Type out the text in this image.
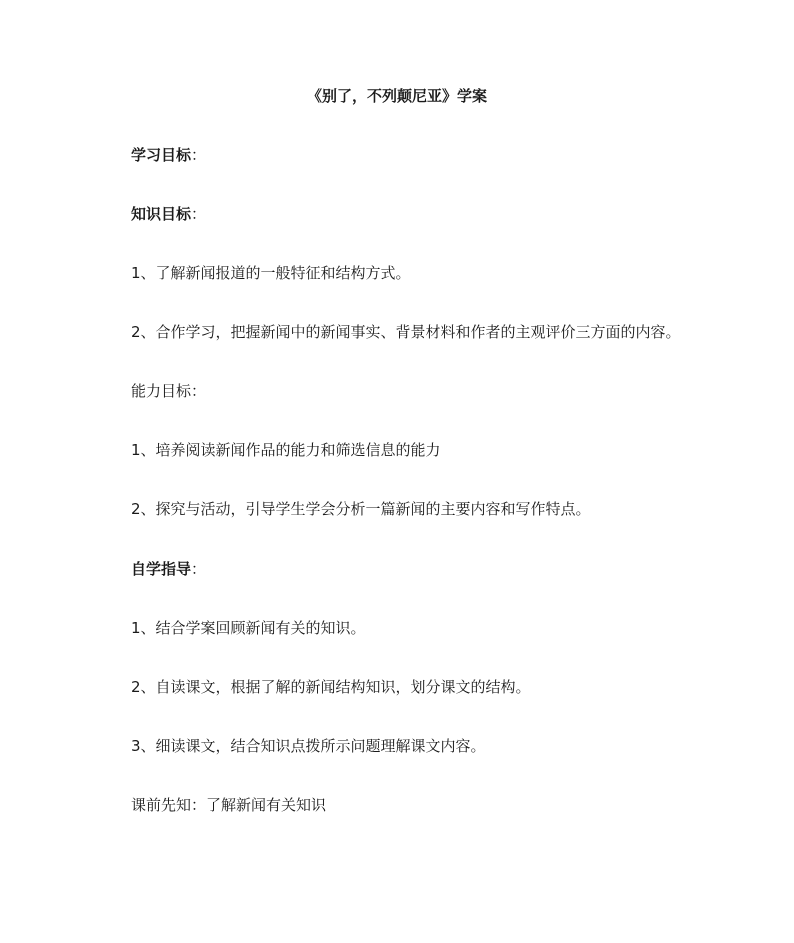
《别了，不列颠尼亚》学案
学习目标：
知识目标：
1、了解新闻报道的一般特征和结构方式。
2、合作学习，把握新闻中的新闻事实、背景材料和作者的主观评价三方面的内容。
能力目标：
1、培养阅读新闻作品的能力和筛选信息的能力
2、探究与活动，引导学生学会分析一篇新闻的主要内容和写作特点。
自学指导：
1、结合学案回顾新闻有关的知识。
2、自读课文，根据了解的新闻结构知识，划分课文的结构。
3、细读课文，结合知识点拨所示问题理解课文内容。
课前先知：了解新闻有关知识
